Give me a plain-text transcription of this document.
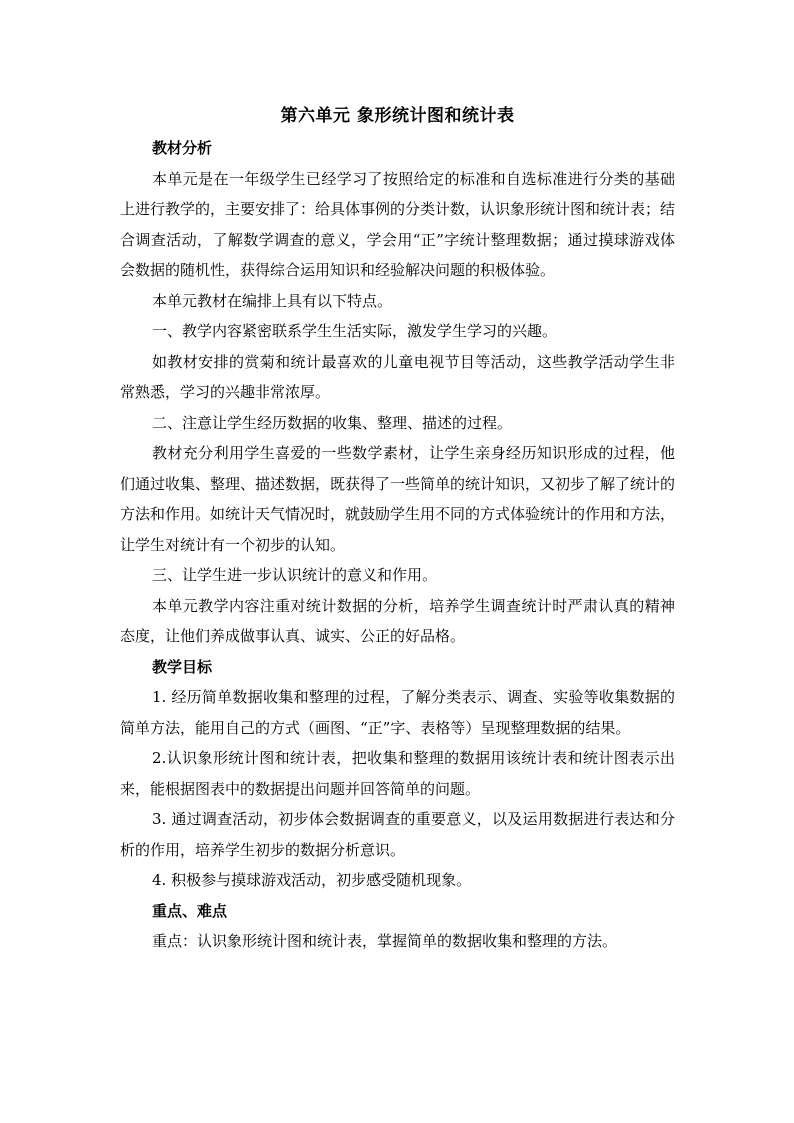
第六单元 象形统计图和统计表
教材分析

本单元是在一年级学生已经学习了按照给定的标准和自选标准进行分类的基础上进行教学的，主要安排了：给具体事例的分类计数，认识象形统计图和统计表；结合调查活动，了解数学调查的意义，学会用“正”字统计整理数据；通过摸球游戏体会数据的随机性，获得综合运用知识和经验解决问题的积极体验。

本单元教材在编排上具有以下特点。

一、教学内容紧密联系学生生活实际，激发学生学习的兴趣。

如教材安排的赏菊和统计最喜欢的儿童电视节目等活动，这些教学活动学生非常熟悉，学习的兴趣非常浓厚。

二、注意让学生经历数据的收集、整理、描述的过程。

教材充分利用学生喜爱的一些数学素材，让学生亲身经历知识形成的过程，他们通过收集、整理、描述数据，既获得了一些简单的统计知识，又初步了解了统计的方法和作用。如统计天气情况时，就鼓励学生用不同的方式体验统计的作用和方法，让学生对统计有一个初步的认知。

三、让学生进一步认识统计的意义和作用。

本单元教学内容注重对统计数据的分析，培养学生调查统计时严肃认真的精神态度，让他们养成做事认真、诚实、公正的好品格。

教学目标

1. 经历简单数据收集和整理的过程，了解分类表示、调查、实验等收集数据的简单方法，能用自己的方式（画图、“正”字、表格等）呈现整理数据的结果。

2.认识象形统计图和统计表，把收集和整理的数据用该统计表和统计图表示出来，能根据图表中的数据提出问题并回答简单的问题。

3. 通过调查活动，初步体会数据调查的重要意义，以及运用数据进行表达和分析的作用，培养学生初步的数据分析意识。

4. 积极参与摸球游戏活动，初步感受随机现象。

重点、难点

重点：认识象形统计图和统计表，掌握简单的数据收集和整理的方法。
